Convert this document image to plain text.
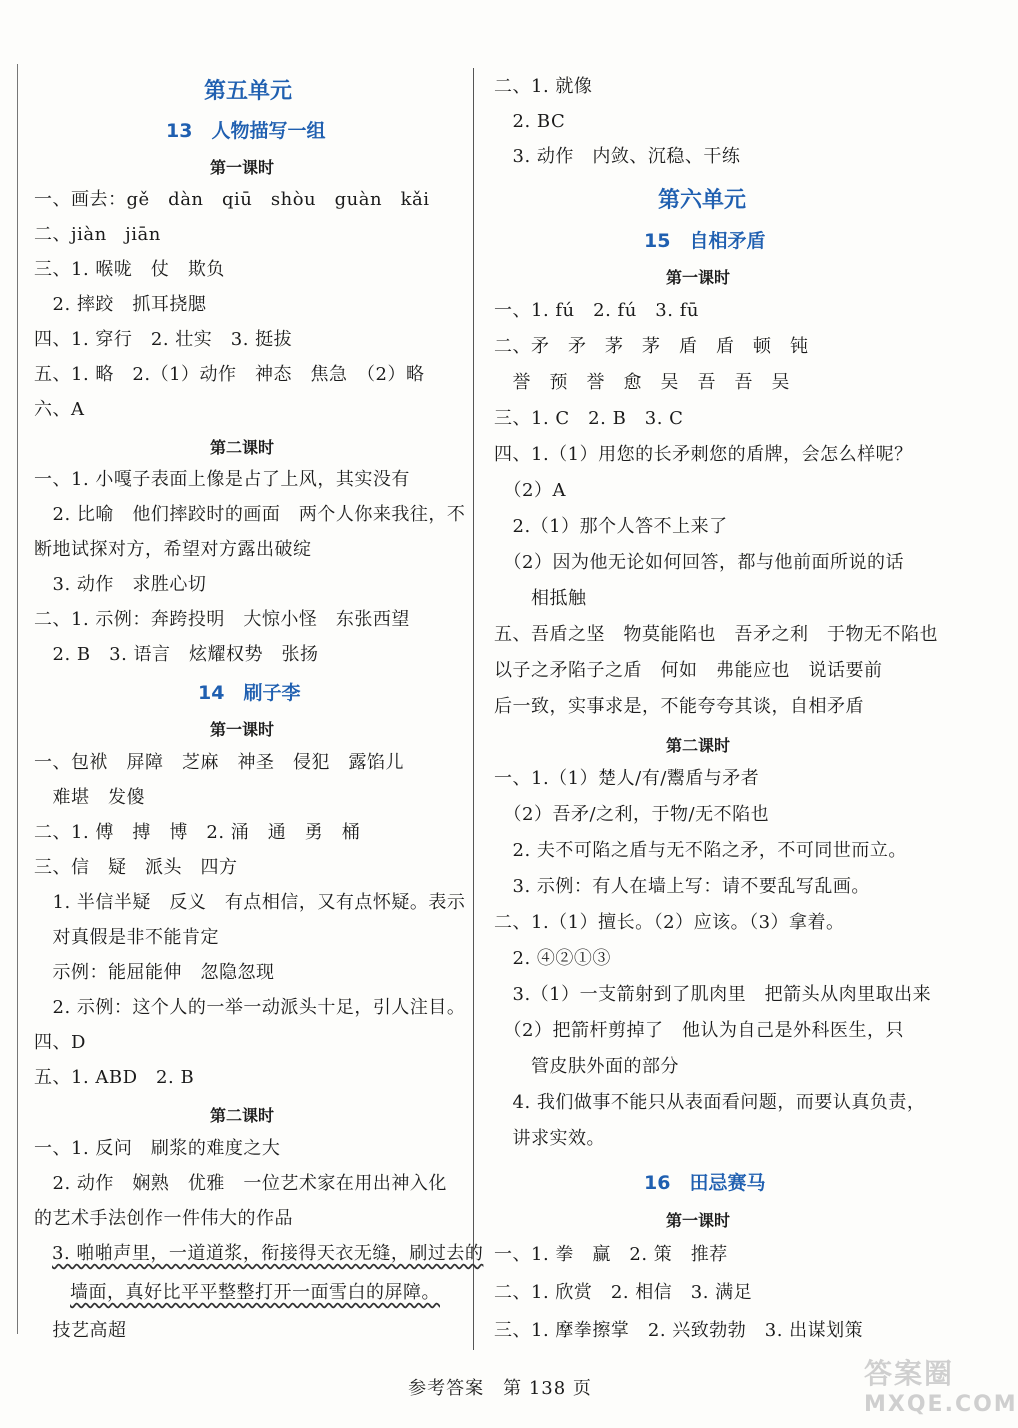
第五单元
13　人物描写一组
第一课时
一、画去：gě　dàn　qiū　shòu　guàn　kǎi
二、jiàn　jiān
三、1. 喉咙　仗　欺负
　2. 摔跤　抓耳挠腮
四、1. 穿行　2. 壮实　3. 挺拔
五、1. 略　2.（1）动作　神态　焦急　（2）略
六、A
第二课时
一、1. 小嘎子表面上像是占了上风，其实没有
　2. 比喻　他们摔跤时的画面　两个人你来我往，不
断地试探对方，希望对方露出破绽
　3. 动作　求胜心切
二、1. 示例：奔跨投明　大惊小怪　东张西望
　2. B　3. 语言　炫耀权势　张扬
14　刷子李
第一课时
一、包袱　屏障　芝麻　神圣　侵犯　露馅儿
　难堪　发傻
二、1. 傅　搏　博　2. 涌　通　勇　桶
三、信　疑　派头　四方
　1. 半信半疑　反义　有点相信，又有点怀疑。表示
　对真假是非不能肯定
　示例：能屈能伸　忽隐忽现
　2. 示例：这个人的一举一动派头十足，引人注目。
四、D
五、1. ABD　2. B
第二课时
一、1. 反问　刷浆的难度之大
　2. 动作　娴熟　优雅　一位艺术家在用出神入化
的艺术手法创作一件伟大的作品
3. 啪啪声里，一道道浆，衔接得天衣无缝，刷过去的
墙面，真好比平平整整打开一面雪白的屏障。
　技艺高超
二、1. 就像
　2. BC
　3. 动作　内敛、沉稳、干练
第六单元
15　自相矛盾
第一课时
一、1. fú　2. fú　3. fū
二、矛　矛　茅　茅　盾　盾　顿　钝
　誉　预　誉　愈　吴　吾　吾　吴
三、1. C　2. B　3. C
四、1.（1）用您的长矛刺您的盾牌，会怎么样呢？
　（2）A
　2.（1）那个人答不上来了
　（2）因为他无论如何回答，都与他前面所说的话
　　相抵触
五、吾盾之坚　物莫能陷也　吾矛之利　于物无不陷也
以子之矛陷子之盾　何如　弗能应也　说话要前
后一致，实事求是，不能夸夸其谈，自相矛盾
第二课时
一、1.（1）楚人/有/鬻盾与矛者
　（2）吾矛/之利，于物/无不陷也
　2. 夫不可陷之盾与无不陷之矛，不可同世而立。
　3. 示例：有人在墙上写：请不要乱写乱画。
二、1.（1）擅长。（2）应该。（3）拿着。
　2. ④②①③
　3.（1）一支箭射到了肌肉里　把箭头从肉里取出来
　（2）把箭杆剪掉了　他认为自己是外科医生，只
　　管皮肤外面的部分
　4. 我们做事不能只从表面看问题，而要认真负责，
　讲求实效。
16　田忌赛马
第一课时
一、1. 拳　赢　2. 策　推荐
二、1. 欣赏　2. 相信　3. 满足
三、1. 摩拳擦掌　2. 兴致勃勃　3. 出谋划策
参考答案　第 138 页	答案圈
MXQE.COM
